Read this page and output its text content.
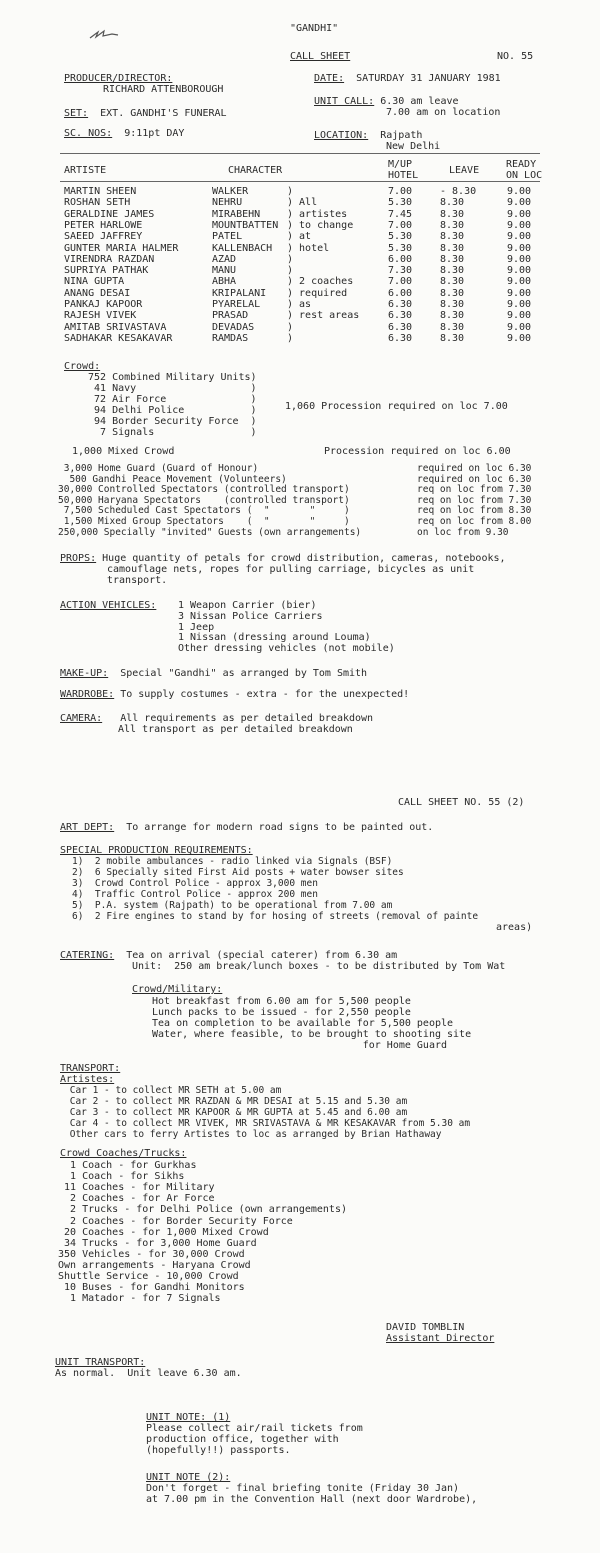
"GANDHI"
CALL SHEET	NO. 55
PRODUCER/DIRECTOR:
RICHARD ATTENBOROUGH
DATE: SATURDAY 31 JANUARY 1981
UNIT CALL: 6.30 am leave
7.00 am on location
SET: EXT. GANDHI'S FUNERAL
SC. NOS: 9:11pt DAY	LOCATION: Rajpath
New Delhi
ARTISTE	CHARACTER
M/UP
HOTEL	LEAVE
READY
ON LOC
MARTIN SHEEN	WALKER	)	7.00	- 8.30	9.00
ROSHAN SETH	NEHRU	) All	5.30	8.30	9.00
GERALDINE JAMES	MIRABEHN	) artistes	7.45	8.30	9.00
PETER HARLOWE	MOUNTBATTEN ) to change	7.00	8.30	9.00
SAEED JAFFREY	PATEL	) at	5.30	8.30	9.00
GUNTER MARIA HALMER	KALLENBACH ) hotel	5.30	8.30	9.00
VIRENDRA RAZDAN	AZAD	)	6.00	8.30	9.00
SUPRIYA PATHAK	MANU	)	7.30	8.30	9.00
NINA GUPTA	ABHA	) 2 coaches	7.00	8.30	9.00
ANANG DESAI	KRIPALANI ) required	6.00	8.30	9.00
PANKAJ KAPOOR	PYARELAL	) as	6.30	8.30	9.00
RAJESH VIVEK	PRASAD	) rest areas	6.30	8.30	9.00
AMITAB SRIVASTAVA	DEVADAS	)	6.30	8.30	9.00
SADHAKAR KESAKAVAR	RAMDAS	)	6.30	8.30	9.00
Crowd:
752 Combined Military Units)
41 Navy                   )
72 Air Force              )
94 Delhi Police           )
94 Border Security Force  )
7 Signals                )
1,060 Procession required on loc 7.00
1,000 Mixed Crowd	Procession required on loc 6.00
3,000 Home Guard (Guard of Honour)	required on loc 6.30
500 Gandhi Peace Movement (Volunteers)	required on loc 6.30
30,000 Controlled Spectators (controlled transport)	req on loc from 7.30
50,000 Haryana Spectators    (controlled transport)	req on loc from 7.30
7,500 Scheduled Cast Spectators (  "       "     )	req on loc from 8.30
1,500 Mixed Group Spectators    (  "       "     )	req on loc from 8.00
250,000 Specially "invited" Guests (own arrangements)	on loc from 9.30
PROPS: Huge quantity of petals for crowd distribution, cameras, notebooks,
camouflage nets, ropes for pulling carriage, bicycles as unit
transport.
ACTION VEHICLES: 1 Weapon Carrier (bier)
3 Nissan Police Carriers
1 Jeep
1 Nissan (dressing around Louma)
Other dressing vehicles (not mobile)
MAKE-UP: Special "Gandhi" as arranged by Tom Smith
WARDROBE: To supply costumes - extra - for the unexpected!
CAMERA: All requirements as per detailed breakdown
All transport as per detailed breakdown
CALL SHEET NO. 55 (2)
ART DEPT: To arrange for modern road signs to be painted out.
SPECIAL PRODUCTION REQUIREMENTS:
1)  2 mobile ambulances - radio linked via Signals (BSF)
2)  6 Specially sited First Aid posts + water bowser sites
3)  Crowd Control Police - approx 3,000 men
4)  Traffic Control Police - approx 200 men
5)  P.A. system (Rajpath) to be operational from 7.00 am
6)  2 Fire engines to stand by for hosing of streets (removal of painte
areas)
CATERING: Tea on arrival (special caterer) from 6.30 am
Unit:  250 am break/lunch boxes - to be distributed by Tom Wat
Crowd/Military:
Hot breakfast from 6.00 am for 5,500 people
Lunch packs to be issued - for 2,550 people
Tea on completion to be available for 5,500 people
Water, where feasible, to be brought to shooting site
for Home Guard
TRANSPORT:
Artistes:
Car 1 - to collect MR SETH at 5.00 am
Car 2 - to collect MR RAZDAN & MR DESAI at 5.15 and 5.30 am
Car 3 - to collect MR KAPOOR & MR GUPTA at 5.45 and 6.00 am
Car 4 - to collect MR VIVEK, MR SRIVASTAVA & MR KESAKAVAR from 5.30 am
Other cars to ferry Artistes to loc as arranged by Brian Hathaway
Crowd Coaches/Trucks:
1 Coach - for Gurkhas
1 Coach - for Sikhs
11 Coaches - for Military
2 Coaches - for Ar Force
2 Trucks - for Delhi Police (own arrangements)
2 Coaches - for Border Security Force
20 Coaches - for 1,000 Mixed Crowd
34 Trucks - for 3,000 Home Guard
350 Vehicles - for 30,000 Crowd
Own arrangements - Haryana Crowd
Shuttle Service - 10,000 Crowd
10 Buses - for Gandhi Monitors
1 Matador - for 7 Signals
DAVID TOMBLIN
Assistant Director
UNIT TRANSPORT:
As normal.  Unit leave 6.30 am.
UNIT NOTE: (1)
Please collect air/rail tickets from
production office, together with
(hopefully!!) passports.
UNIT NOTE (2):
Don't forget - final briefing tonite (Friday 30 Jan)
at 7.00 pm in the Convention Hall (next door Wardrobe),
